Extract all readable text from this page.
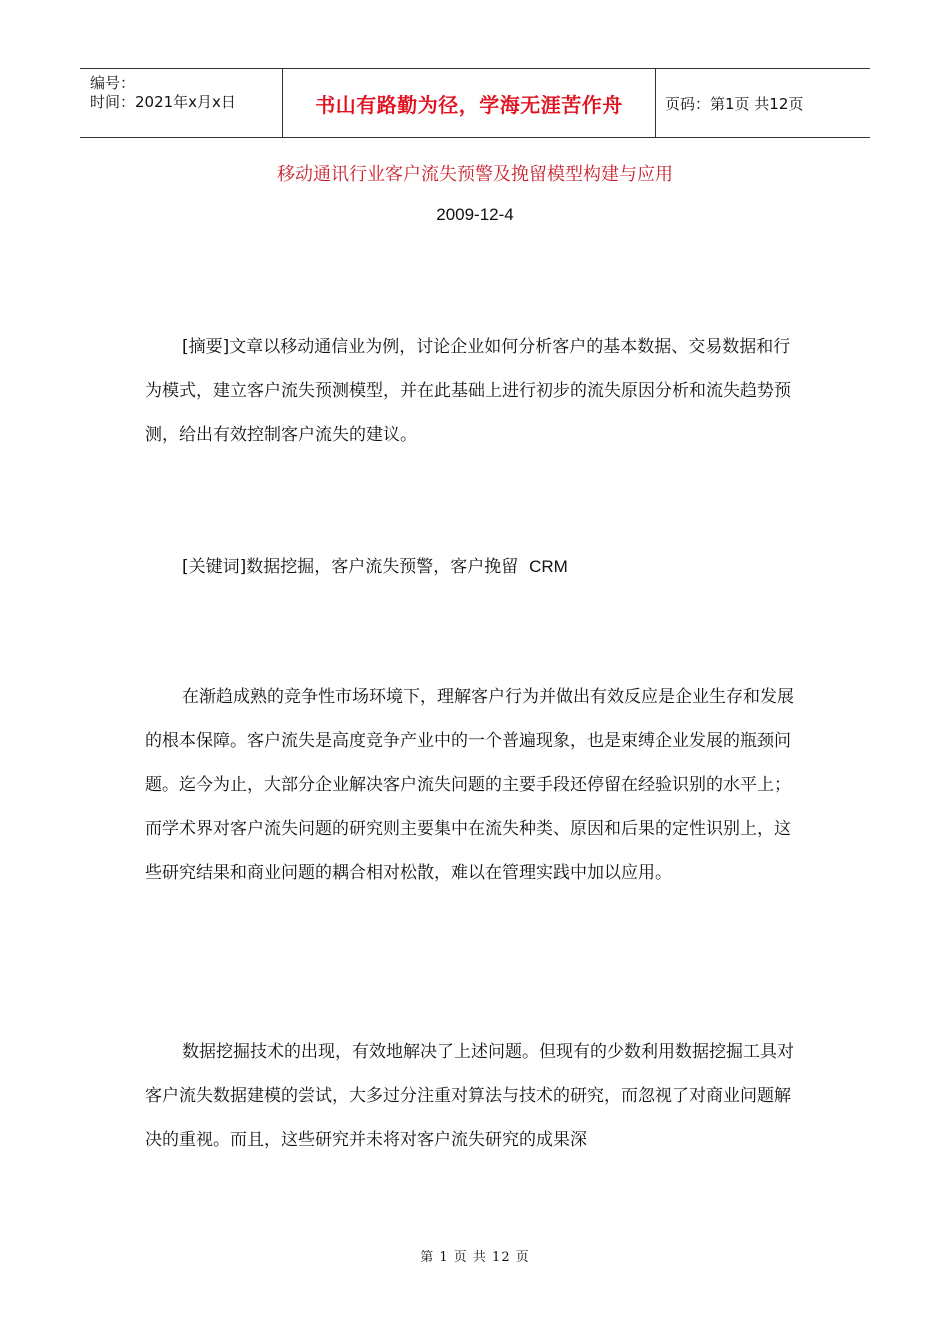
编号：
时间：2021年x月x日	书山有路勤为径，学海无涯苦作舟	页码：第1页 共12页
移动通讯行业客户流失预警及挽留模型构建与应用
2009-12-4

[摘要]文章以移动通信业为例，讨论企业如何分析客户的基本数据、交易数据和行为模式，建立客户流失预测模型，并在此基础上进行初步的流失原因分析和流失趋势预测，给出有效控制客户流失的建议。

[关键词]数据挖掘，客户流失预警，客户挽留 CRM

在渐趋成熟的竞争性市场环境下，理解客户行为并做出有效反应是企业生存和发展的根本保障。客户流失是高度竞争产业中的一个普遍现象，也是束缚企业发展的瓶颈问题。迄今为止，大部分企业解决客户流失问题的主要手段还停留在经验识别的水平上；而学术界对客户流失问题的研究则主要集中在流失种类、原因和后果的定性识别上，这些研究结果和商业问题的耦合相对松散，难以在管理实践中加以应用。

数据挖掘技术的出现，有效地解决了上述问题。但现有的少数利用数据挖掘工具对客户流失数据建模的尝试，大多过分注重对算法与技术的研究，而忽视了对商业问题解决的重视。而且，这些研究并未将对客户流失研究的成果深

第 1 页 共 12 页
